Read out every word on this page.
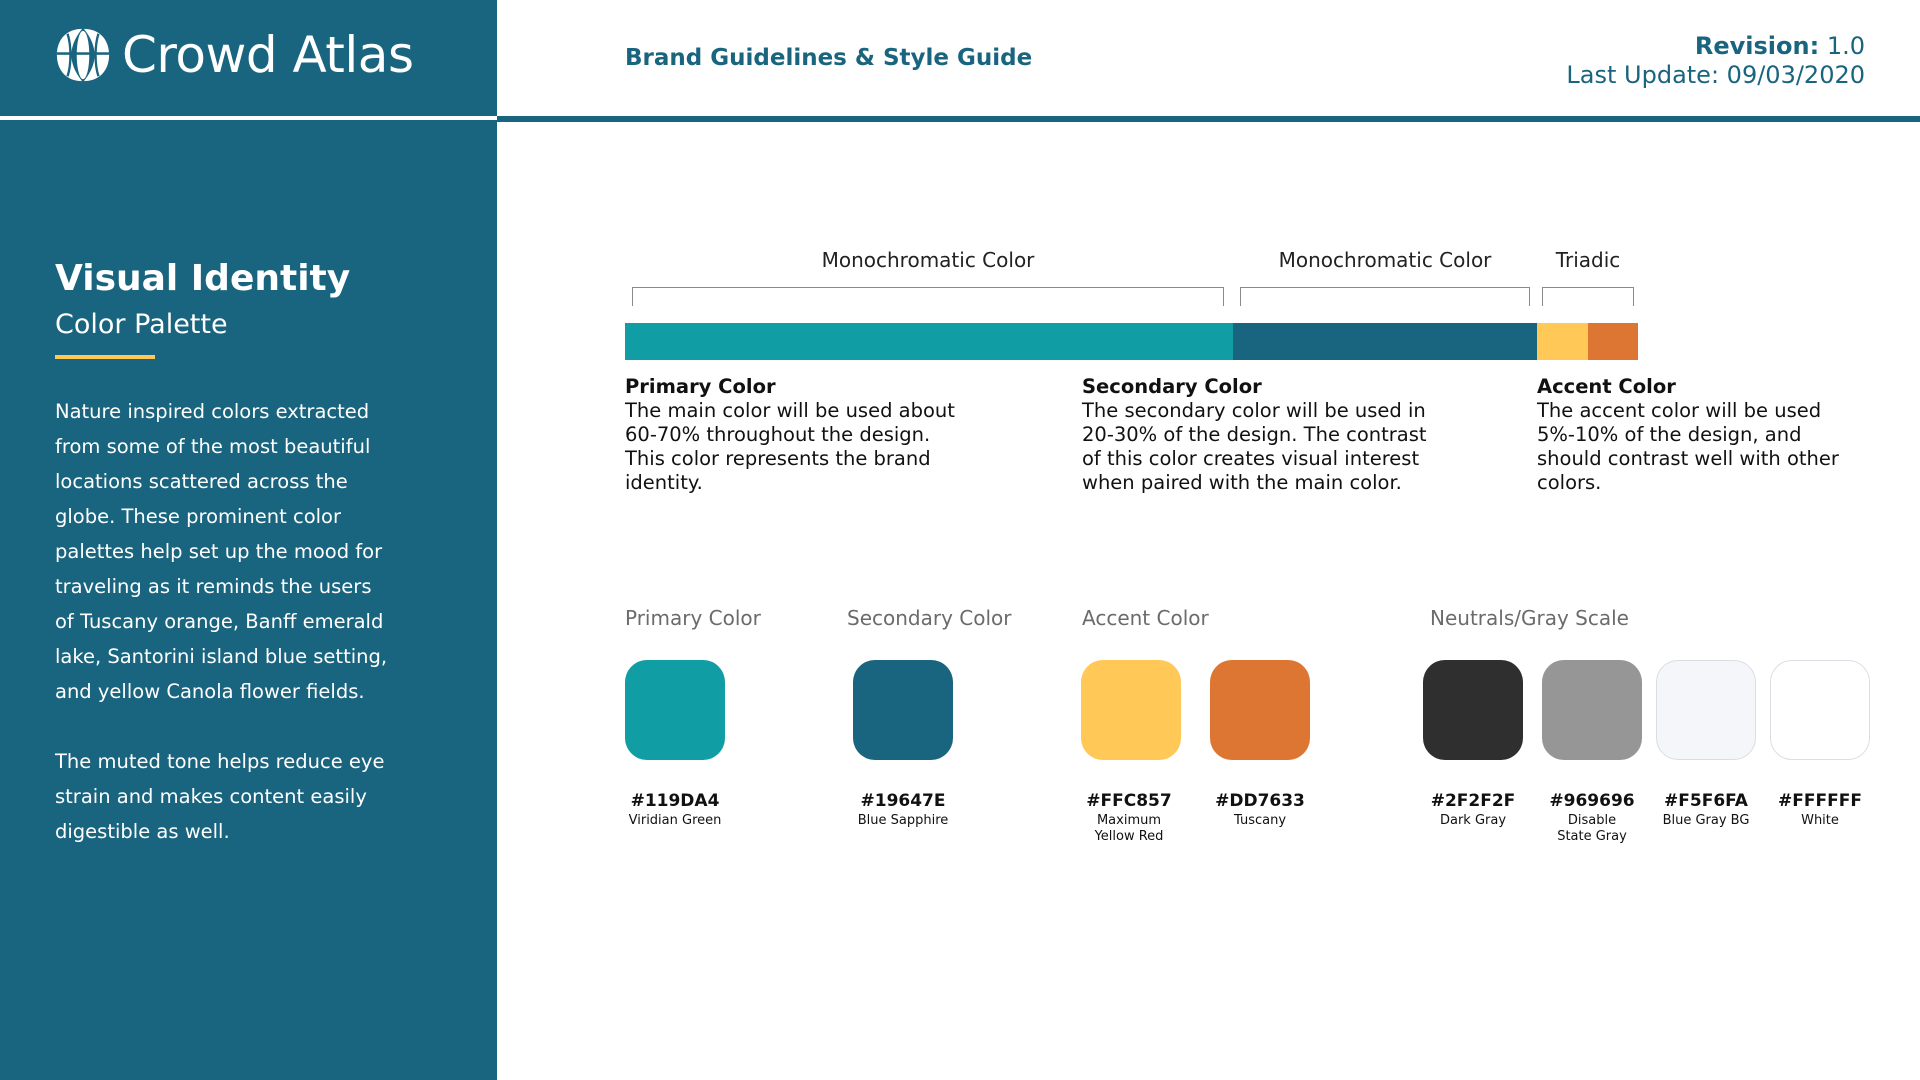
Crowd Atlas
Visual Identity
Color Palette

Nature inspired colors extracted from some of the most beautiful locations scattered across the globe. These prominent color palettes help set up the mood for traveling as it reminds the users of Tuscany orange, Banff emerald lake, Santorini island blue setting, and yellow Canola flower fields.

The muted tone helps reduce eye strain and makes content easily digestible as well.

Brand Guidelines & Style Guide	Revision: 1.0
Last Update: 09/03/2020
Monochromatic Color	Monochromatic Color	Triadic
Primary Color

The main color will be used about 60-70% throughout the design. This color represents the brand identity.

Secondary Color

The secondary color will be used in 20-30% of the design. The contrast of this color creates visual interest when paired with the main color.

Accent Color

The accent color will be used 5%-10% of the design, and should contrast well with other colors.

Primary Color	Secondary Color	Accent Color	Neutrals/Gray Scale
#119DA4
Viridian Green
#19647E
Blue Sapphire
#FFC857
Maximum Yellow Red
#DD7633
Tuscany
#2F2F2F
Dark Gray
#969696
Disable State Gray
#F5F6FA
Blue Gray BG
#FFFFFF
White
